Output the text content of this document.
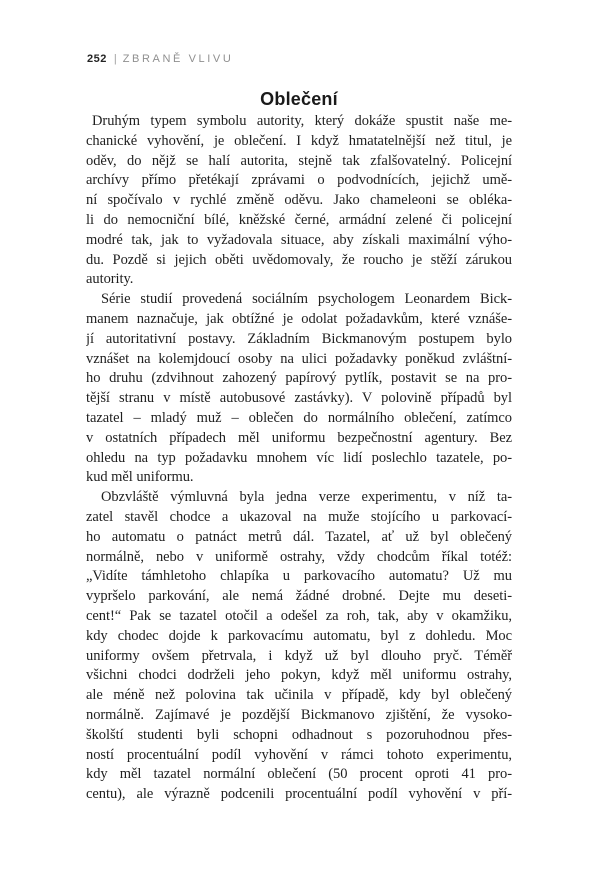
252 | ZBRANĚ VLIVU
Oblečení

Druhým typem symbolu autority, který dokáže spustit naše me-
chanické vyhovění, je oblečení. I když hmatatelnější než titul, je
oděv, do nějž se halí autorita, stejně tak zfalšovatelný. Policejní
archívy přímo přetékají zprávami o podvodnících, jejichž umě-
ní spočívalo v rychlé změně oděvu. Jako chameleoni se obléka-
li do nemocniční bílé, kněžské černé, armádní zelené či policejní
modré tak, jak to vyžadovala situace, aby získali maximální výho-
du. Pozdě si jejich oběti uvědomovaly, že roucho je stěží zárukou
autority.

Série studií provedená sociálním psychologem Leonardem Bick-
manem naznačuje, jak obtížné je odolat požadavkům, které vznáše-
jí autoritativní postavy. Základním Bickmanovým postupem bylo
vznášet na kolemjdoucí osoby na ulici požadavky poněkud zvláštní-
ho druhu (zdvihnout zahozený papírový pytlík, postavit se na pro-
tější stranu v místě autobusové zastávky). V polovině případů byl
tazatel – mladý muž – oblečen do normálního oblečení, zatímco
v ostatních případech měl uniformu bezpečnostní agentury. Bez
ohledu na typ požadavku mnohem víc lidí poslechlo tazatele, po-
kud měl uniformu.

Obzvláště výmluvná byla jedna verze experimentu, v níž ta-
zatel stavěl chodce a ukazoval na muže stojícího u parkovací-
ho automatu o patnáct metrů dál. Tazatel, ať už byl oblečený
normálně, nebo v uniformě ostrahy, vždy chodcům říkal totéž:
„Vidíte támhletoho chlapíka u parkovacího automatu? Už mu
vypršelo parkování, ale nemá žádné drobné. Dejte mu deseti-
cent!“ Pak se tazatel otočil a odešel za roh, tak, aby v okamžiku,
kdy chodec dojde k parkovacímu automatu, byl z dohledu. Moc
uniformy ovšem přetrvala, i když už byl dlouho pryč. Téměř
všichni chodci dodrželi jeho pokyn, když měl uniformu ostrahy,
ale méně než polovina tak učinila v případě, kdy byl oblečený
normálně. Zajímavé je pozdější Bickmanovo zjištění, že vysoko-
školští studenti byli schopni odhadnout s pozoruhodnou přes-
ností procentuální podíl vyhovění v rámci tohoto experimentu,
kdy měl tazatel normální oblečení (50 procent oproti 41 pro-
centu), ale výrazně podcenili procentuální podíl vyhovění v pří-
